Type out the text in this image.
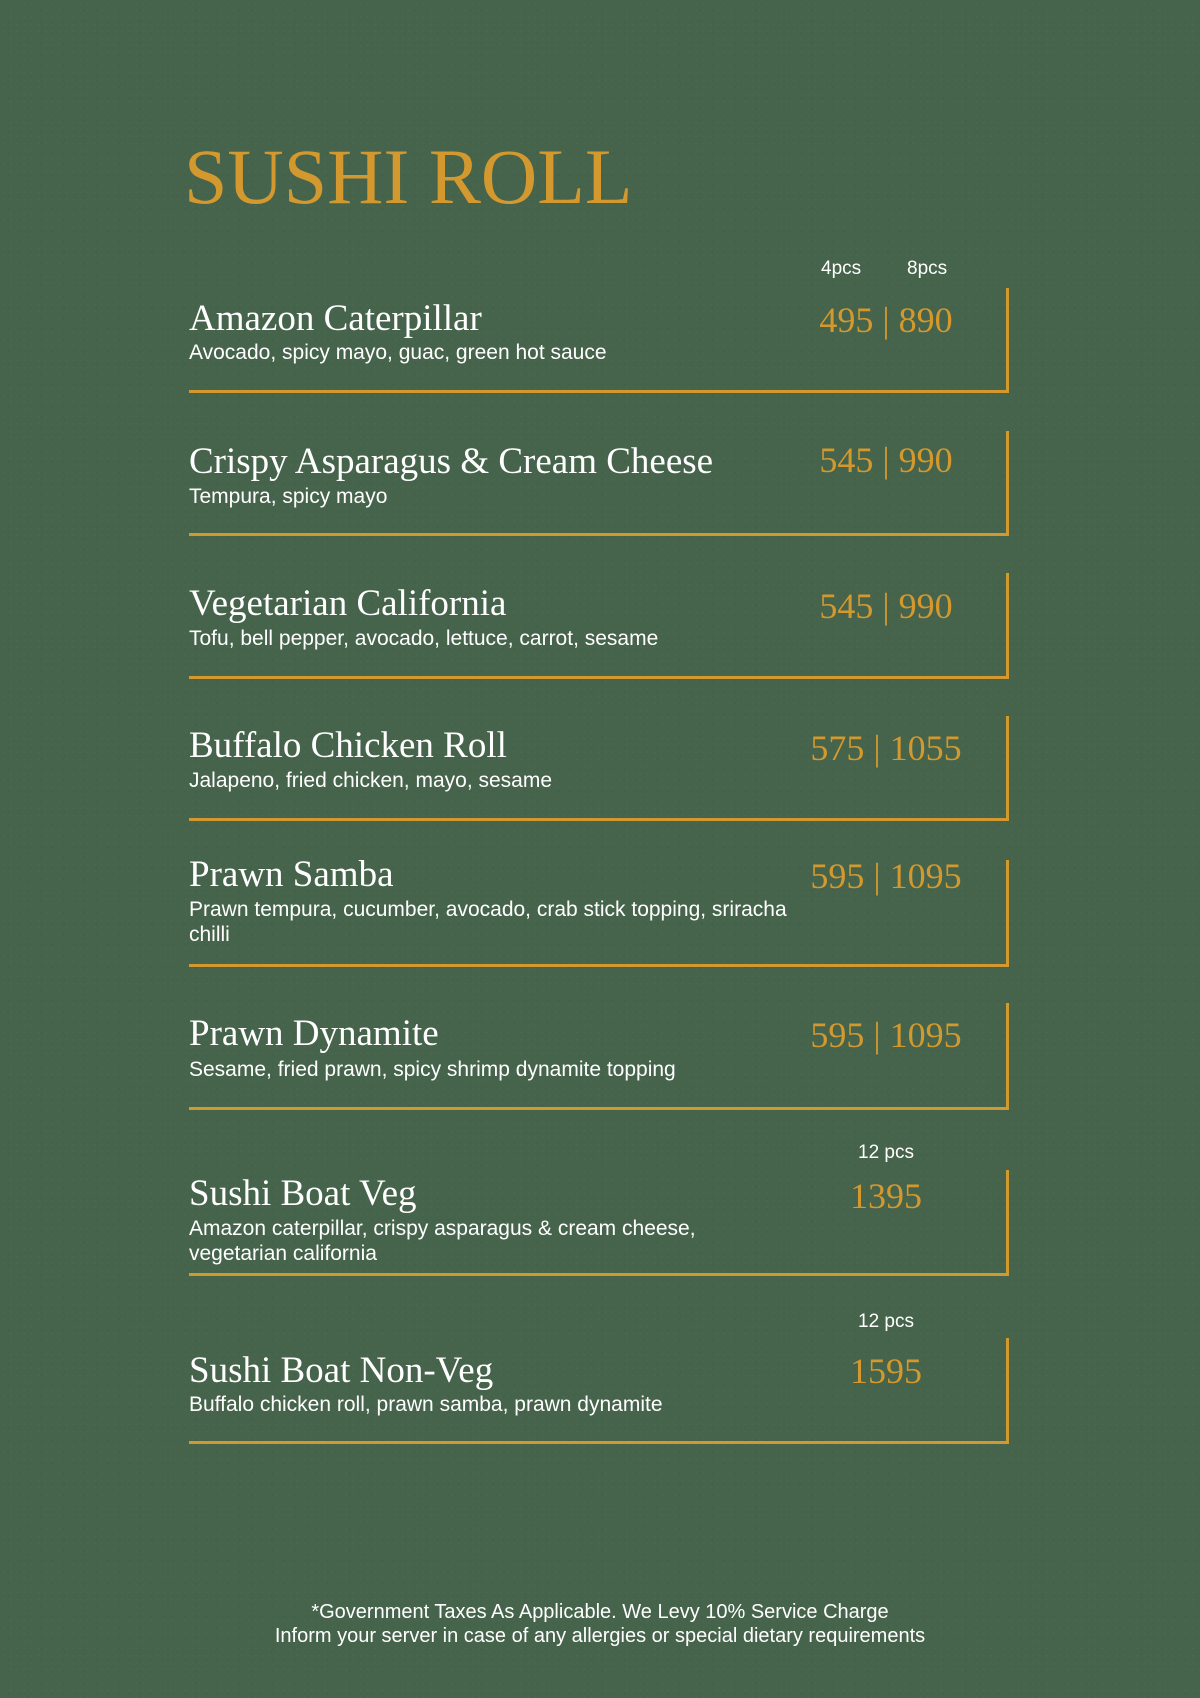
SUSHI ROLL
4pcs 8pcs
Amazon Caterpillar

Avocado, spicy mayo, guac, green hot sauce

495 | 890
Crispy Asparagus & Cream Cheese

Tempura, spicy mayo

545 | 990
Vegetarian California

Tofu, bell pepper, avocado, lettuce, carrot, sesame

545 | 990
Buffalo Chicken Roll

Jalapeno, fried chicken, mayo, sesame

575 | 1055
Prawn Samba

Prawn tempura, cucumber, avocado, crab stick topping, sriracha chilli

595 | 1095
Prawn Dynamite

Sesame, fried prawn, spicy shrimp dynamite topping

595 | 1095
12 pcs
Sushi Boat Veg

Amazon caterpillar, crispy asparagus & cream cheese, vegetarian california

1395
12 pcs
Sushi Boat Non-Veg

Buffalo chicken roll, prawn samba, prawn dynamite

1595
*Government Taxes As Applicable. We Levy 10% Service Charge
Inform your server in case of any allergies or special dietary requirements
